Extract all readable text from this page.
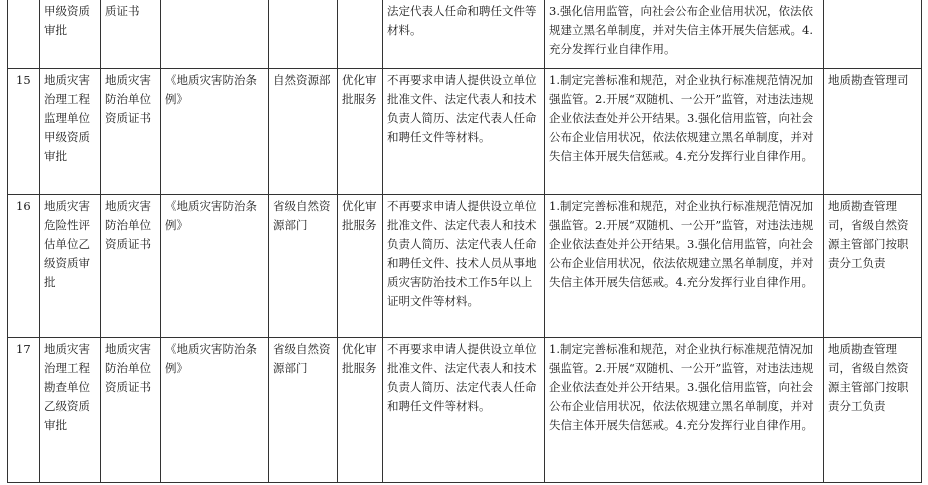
	甲级资质审批	质证书				法定代表人任命和聘任文件等材料。	3.强化信用监管，向社会公布企业信用状况，依法依规建立黑名单制度，并对失信主体开展失信惩戒。4.充分发挥行业自律作用。	
15	地质灾害治理工程监理单位甲级资质审批	地质灾害防治单位资质证书	《地质灾害防治条例》	自然资源部	优化审批服务	不再要求申请人提供设立单位批准文件、法定代表人和技术负责人简历、法定代表人任命和聘任文件等材料。	1.制定完善标准和规范，对企业执行标准规范情况加强监管。2.开展“双随机、一公开”监管，对违法违规企业依法查处并公开结果。3.强化信用监管，向社会公布企业信用状况，依法依规建立黑名单制度，并对失信主体开展失信惩戒。4.充分发挥行业自律作用。	地质勘查管理司
16	地质灾害危险性评估单位乙级资质审批	地质灾害防治单位资质证书	《地质灾害防治条例》	省级自然资源部门	优化审批服务	不再要求申请人提供设立单位批准文件、法定代表人和技术负责人简历、法定代表人任命和聘任文件、技术人员从事地质灾害防治技术工作5年以上证明文件等材料。	1.制定完善标准和规范，对企业执行标准规范情况加强监管。2.开展“双随机、一公开”监管，对违法违规企业依法查处并公开结果。3.强化信用监管，向社会公布企业信用状况，依法依规建立黑名单制度，并对失信主体开展失信惩戒。4.充分发挥行业自律作用。	地质勘查管理司，省级自然资源主管部门按职责分工负责
17	地质灾害治理工程勘查单位乙级资质审批	地质灾害防治单位资质证书	《地质灾害防治条例》	省级自然资源部门	优化审批服务	不再要求申请人提供设立单位批准文件、法定代表人和技术负责人简历、法定代表人任命和聘任文件等材料。	1.制定完善标准和规范，对企业执行标准规范情况加强监管。2.开展“双随机、一公开”监管，对违法违规企业依法查处并公开结果。3.强化信用监管，向社会公布企业信用状况，依法依规建立黑名单制度，并对失信主体开展失信惩戒。4.充分发挥行业自律作用。	地质勘查管理司，省级自然资源主管部门按职责分工负责
